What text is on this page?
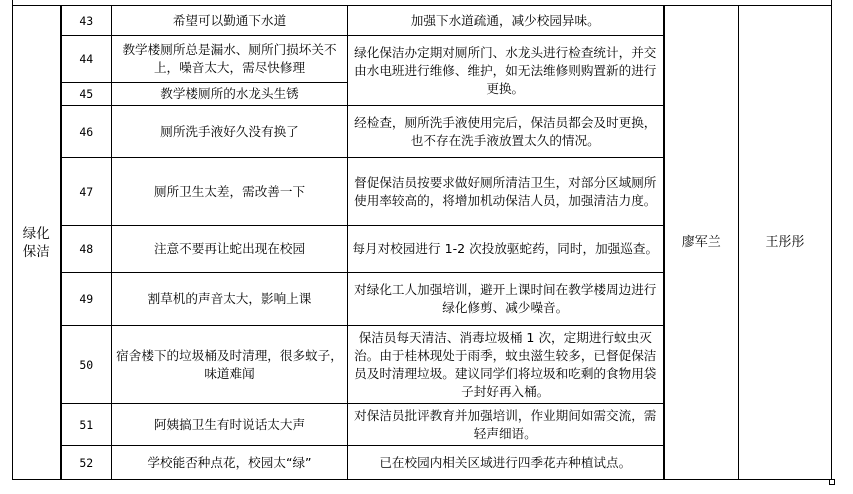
绿化保洁	43	希望可以勤通下水道	加强下水道疏通，减少校园异味。	廖军兰	王彤彤
	44	教学楼厕所总是漏水、厕所门损坏关不上，噪音太大，需尽快修理	绿化保洁办定期对厕所门、水龙头进行检查统计，并交由水电班进行维修、维护，如无法维修则购置新的进行更换。		
	45	教学楼厕所的水龙头生锈			
	46	厕所洗手液好久没有换了	经检查，厕所洗手液使用完后，保洁员都会及时更换，也不存在洗手液放置太久的情况。		
	47	厕所卫生太差，需改善一下	督促保洁员按要求做好厕所清洁卫生，对部分区域厕所使用率较高的，将增加机动保洁人员，加强清洁力度。		
	48	注意不要再让蛇出现在校园	每月对校园进行 1-2 次投放驱蛇药，同时，加强巡查。		
	49	割草机的声音太大，影响上课	对绿化工人加强培训，避开上课时间在教学楼周边进行绿化修剪、减少噪音。		
	50	宿舍楼下的垃圾桶及时清理，很多蚊子，味道难闻	保洁员每天清洁、消毒垃圾桶 1 次，定期进行蚊虫灭治。由于桂林现处于雨季，蚊虫滋生较多，已督促保洁员及时清理垃圾。建议同学们将垃圾和吃剩的食物用袋子封好再入桶。		
	51	阿姨搞卫生有时说话太大声	对保洁员批评教育并加强培训，作业期间如需交流，需轻声细语。		
	52	学校能否种点花，校园太“绿”	已在校园内相关区域进行四季花卉种植试点。		
